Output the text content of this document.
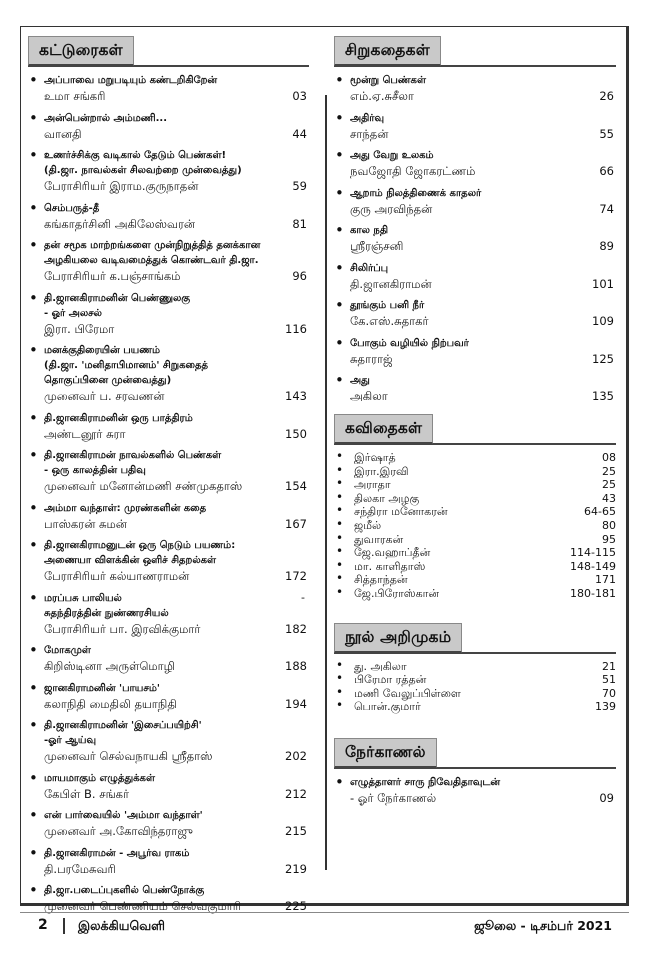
கட்டுரைகள்
• அப்பாவை மறுபடியும் கண்டறிகிறேன்
உமா சங்கரி	03
• அன்பென்றால் அம்மணி...
வானதி	44
• உணர்ச்சிக்கு வடிகால் தேடும் பெண்கள்!
(தி.ஜா. நாவல்கள் சிலவற்றை முன்வைத்து)
பேராசிரியர் இராம.குருநாதன்	59
• செம்பருத்-தீ
கங்காதர்சினி அகிலேஸ்வரன்	81
• தன் சமூக மாற்றங்களை முன்நிறுத்தித் தனக்கான
அழகியலை வடிவமைத்துக் கொண்டவர் தி.ஜா.
பேராசிரியர் க.பஞ்சாங்கம்	96
• தி.ஜானகிராமனின் பெண்ணுலகு
- ஓர் அலசல்
இரா. பிரேமா	116
• மனக்குதிரையின் பயணம்
(தி.ஜா. 'மனிதாபிமானம்' சிறுகதைத்
தொகுப்பினை முன்வைத்து)
முனைவர் ப. சரவணன்	143
• தி.ஜானகிராமனின் ஒரு பாத்திரம்
அண்டனூர் சுரா	150
• தி.ஜானகிராமன் நாவல்களில் பெண்கள்
- ஒரு காலத்தின் பதிவு
முனைவர் மனோன்மணி சண்முகதாஸ்	154
• அம்மா வந்தாள்: முரண்களின் கதை
பாஸ்கரன் சுமன்	167
• தி.ஜானகிராமனுடன் ஒரு நெடும் பயணம்:
அணையா விளக்கின் ஒளிச் சிதறல்கள்
பேராசிரியர் கல்யாணராமன்	172
• மரப்பசு பாலியல்
சுதந்திரத்தின் நுண்ணரசியல்
-
பேராசிரியர் பா. இரவிக்குமார்	182
• மோகமுள்
கிறிஸ்டினா அருள்மொழி	188
• ஜானகிராமனின் 'பாயசம்'
கலாநிதி மைதிலி தயாநிதி	194
• தி.ஜானகிராமனின் 'இசைப்பயிற்சி'
-ஓர் ஆய்வு
முனைவர் செல்வநாயகி ஸ்ரீதாஸ்	202
• மாயமாகும் எழுத்துக்கள்
கேபிள் B. சங்கர்	212
• என் பார்வையில் 'அம்மா வந்தாள்'
முனைவர் அ.கோவிந்தராஜு	215
• தி.ஜானகிராமன் - அபூர்வ ராகம்
தி.பரமேசுவரி	219
• தி.ஜா.படைப்புகளில் பெண்நோக்கு
முனைவர் பெண்ணியம் செல்வகுமாரி	225
சிறுகதைகள்
• மூன்று பெண்கள்
எம்.ஏ.சுசீலா	26
• அதிர்வு
சாந்தன்	55
• அது வேறு உலகம்
நவஜோதி ஜோகரட்ணம்	66
• ஆறாம் நிலத்திணைக் காதலர்
குரு அரவிந்தன்	74
• கால நதி
ஸ்ரீரஞ்சனி	89
• சிலிர்ப்பு
தி.ஜானகிராமன்	101
• தூங்கும் பனி நீர்
கே.எஸ்.சுதாகர்	109
• போகும் வழியில் நிற்பவர்
சுதாராஜ்	125
• அது
அகிலா	135
கவிதைகள்
• இர்ஷாத்	08
• இரா.இரவி	25
• அராதா	25
• திலகா அழகு	43
• சந்திரா மனோகரன்	64-65
• ஜமீல்	80
• துவாரகன்	95
• ஜே.வஹாப்தீன்	114-115
• மா. காளிதாஸ்	148-149
• சித்தாந்தன்	171
• ஜே.பிரோஸ்கான்	180-181
நூல் அறிமுகம்
• து. அகிலா	21
• பிரேமா ரத்தன்	51
• மணி வேலுப்பிள்ளை	70
• பொன்.குமார்	139
நேர்காணல்
• எழுத்தாளர் சாரு நிவேதிதாவுடன்
- ஓர் நேர்காணல்	09
2 இலக்கியவெளி	ஜூலை - டிசம்பர் 2021
